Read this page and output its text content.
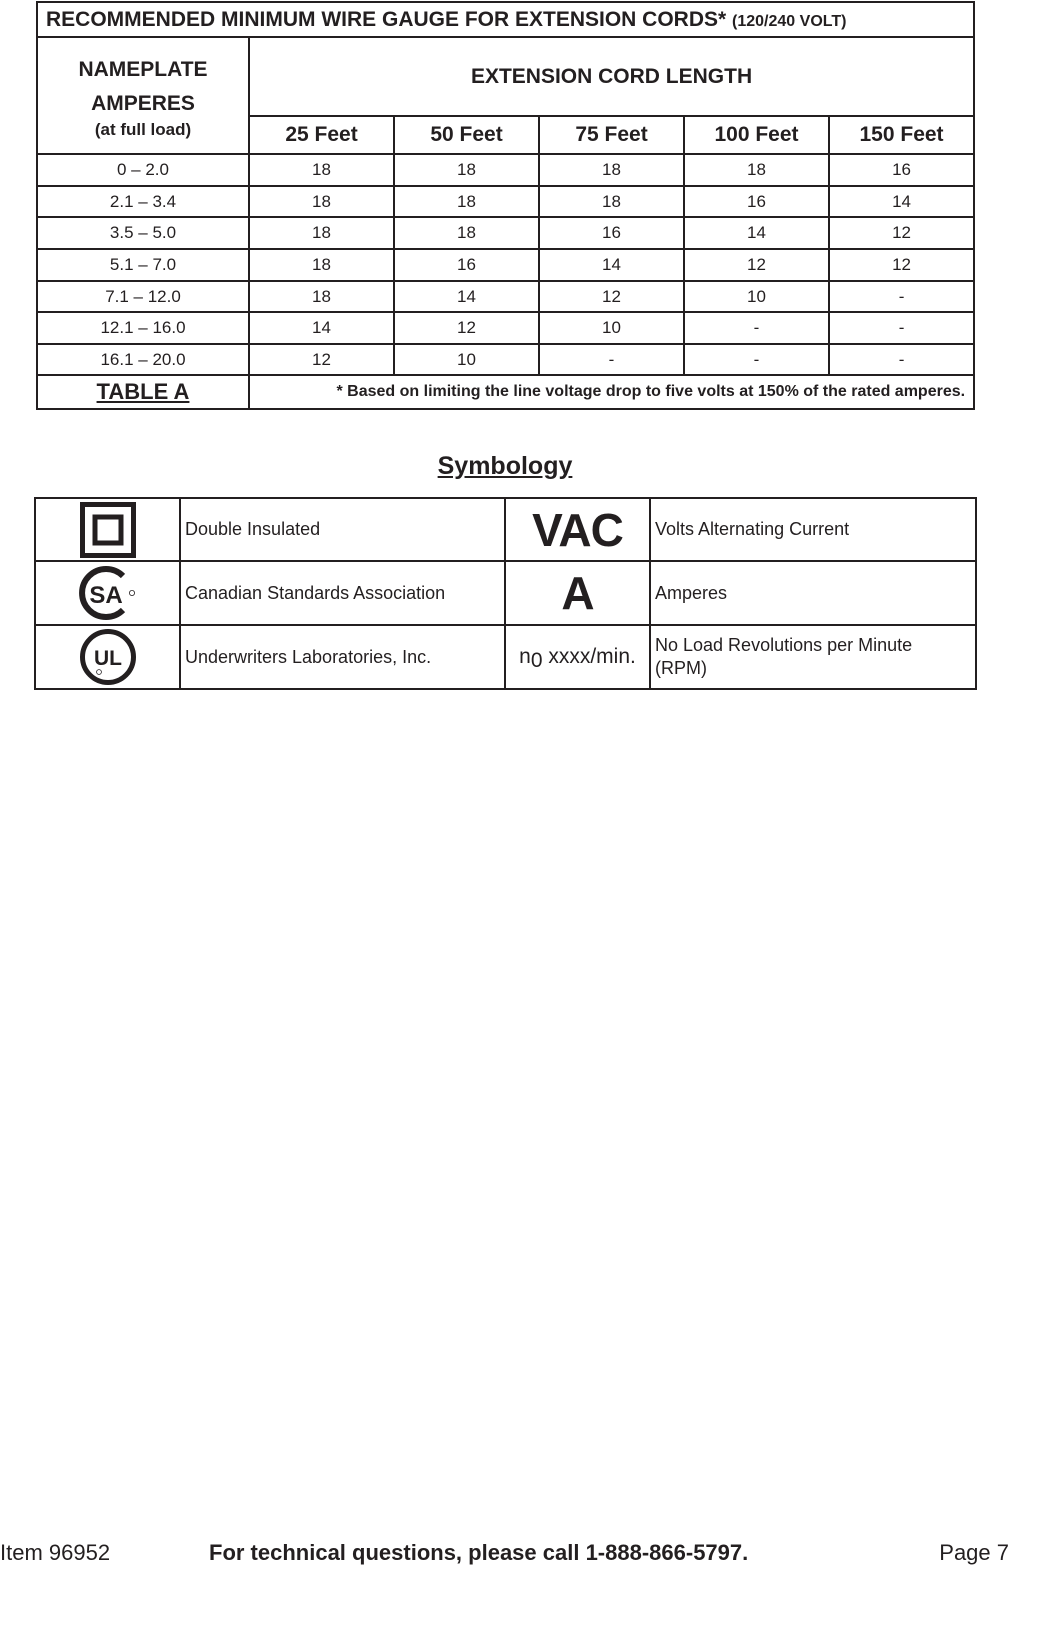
RECOMMENDED MINIMUM WIRE GAUGE FOR EXTENSION CORDS* (120/240 VOLT)					

NAMEPLATE
AMPERES
(at full load)	EXTENSION CORD LENGTH				
	25 Feet	50 Feet	75 Feet	100 Feet	150 Feet
0 – 2.0	18	18	18	18	16
2.1 – 3.4	18	18	18	16	14
3.5 – 5.0	18	18	16	14	12
5.1 – 7.0	18	16	14	12	12
7.1 – 12.0	18	14	12	10	-
12.1 – 16.0	14	12	10	-	-
16.1 – 20.0	12	10	-	-	-
TABLE A	* Based on limiting the line voltage drop to five volts at 150% of the rated amperes.				
Symbology
	Double Insulated	VAC	Volts Alternating Current

SA	Canadian Standards Association	A	Amperes

UL	Underwriters Laboratories, Inc.	n0 xxxx/min.	No Load Revolutions per Minute
(RPM)
Item 96952	For technical questions, please call 1-888-866-5797.	Page 7
